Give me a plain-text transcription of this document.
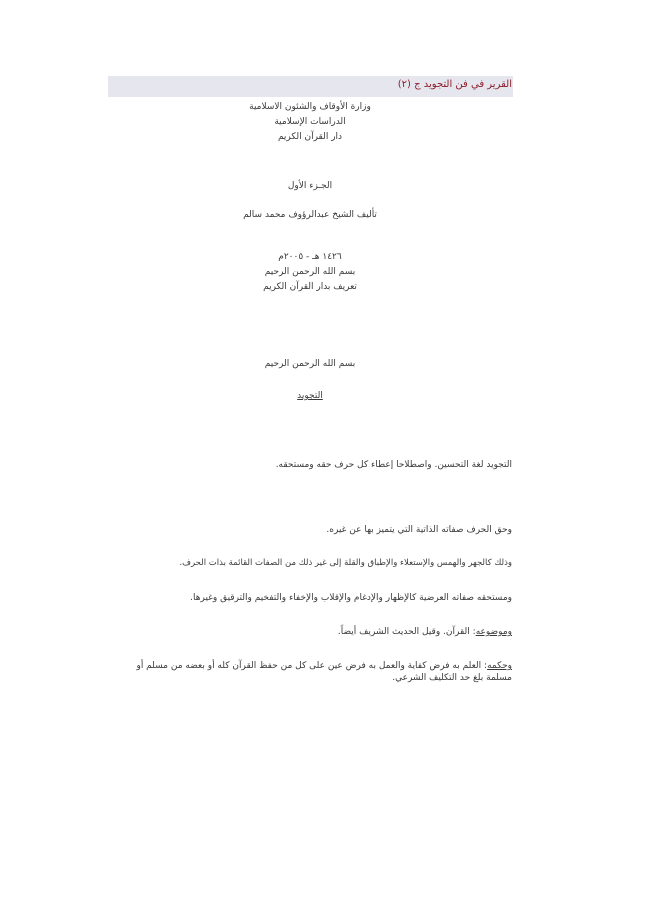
القرير في فن التجويد ج (٢)
وزارة الأوقاف والشئون الاسلامية
الدراسات الإسلامية
دار القرآن الكريم
الجـزء الأول
تأليف الشيخ عبدالرؤوف محمد سالم
١٤٢٦ هـ - ٢٠٠٥م
بسم الله الرحمن الرحيم
تعريف بدار القرآن الكريم
بسم الله الرحمن الرحيم
التجويد
التجويد لغة التحسين. واصطلاحا إعطاء كل حرف حقه ومستحقه.
وحق الحرف صفاته الذاتية التي يتميز بها عن غيره.
وذلك كالجهر والهمس والإستعلاء والإطباق والقلة إلى غير ذلك من الصفات القائمة بذات الحرف.
ومستحقه صفاته العرضية كالإظهار والإدغام والإقلاب والإخفاء والتفخيم والترقيق وغيرها.
وموضوعه: القرآن. وقيل الحديث الشريف أيضاً.
وحكمه: العلم به فرض كفاية والعمل به فرض عين على كل من حفظ القرآن كله أو بعضه من مسلم أو مسلمة بلغ حد التكليف الشرعي.
